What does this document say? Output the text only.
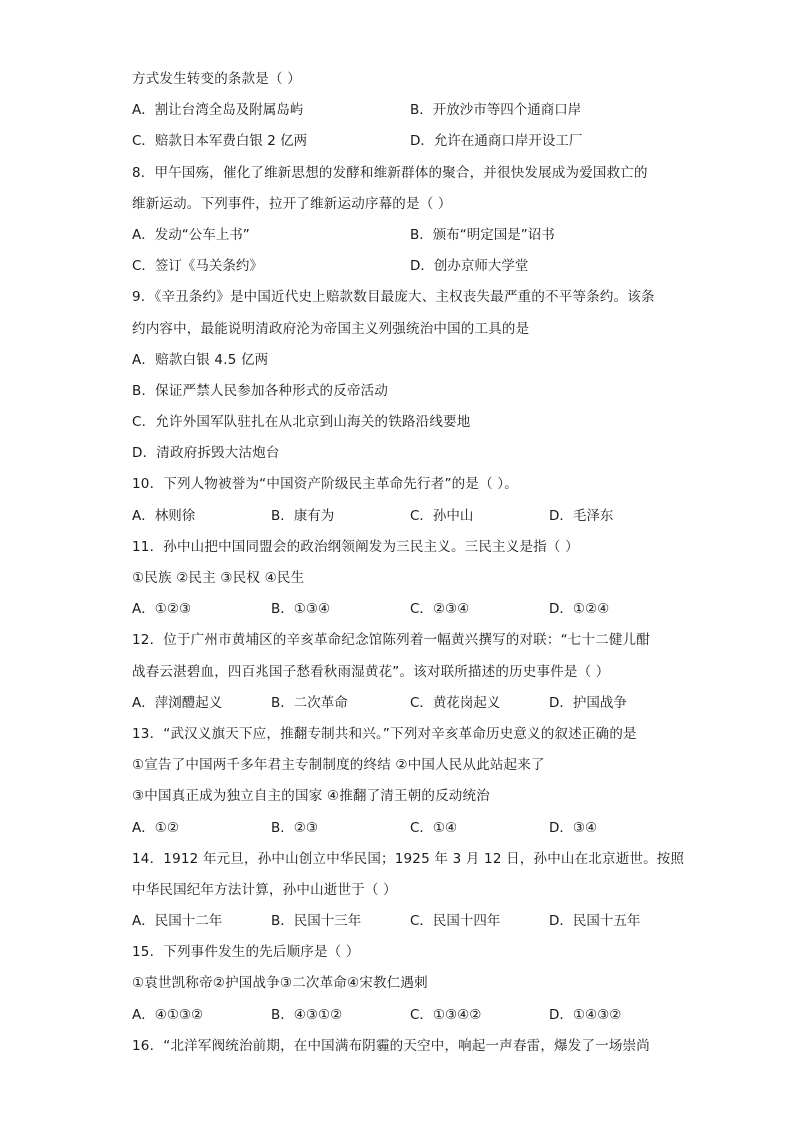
方式发生转变的条款是（ ）
A．割让台湾全岛及附属岛屿	B．开放沙市等四个通商口岸
C．赔款日本军费白银 2 亿两	D．允许在通商口岸开设工厂
8．甲午国殇，催化了维新思想的发酵和维新群体的聚合，并很快发展成为爱国救亡的
维新运动。下列事件，拉开了维新运动序幕的是（ ）
A．发动“公车上书”	B．颁布“明定国是”诏书
C．签订《马关条约》	D．创办京师大学堂
9．《辛丑条约》是中国近代史上赔款数目最庞大、主权丧失最严重的不平等条约。该条
约内容中，最能说明清政府沦为帝国主义列强统治中国的工具的是
A．赔款白银 4.5 亿两
B．保证严禁人民参加各种形式的反帝活动
C．允许外国军队驻扎在从北京到山海关的铁路沿线要地
D．清政府拆毁大沽炮台
10．下列人物被誉为“中国资产阶级民主革命先行者”的是（ ）。
A．林则徐	B．康有为	C．孙中山	D．毛泽东
11．孙中山把中国同盟会的政治纲领阐发为三民主义。三民主义是指（ ）
①民族 ②民主 ③民权 ④民生
A．①②③	B．①③④	C．②③④	D．①②④
12．位于广州市黄埔区的辛亥革命纪念馆陈列着一幅黄兴撰写的对联：“七十二健儿酣
战春云湛碧血，四百兆国子愁看秋雨湿黄花”。该对联所描述的历史事件是（ ）
A．萍浏醴起义	B．二次革命	C．黄花岗起义	D．护国战争
13．“武汉义旗天下应，推翻专制共和兴。”下列对辛亥革命历史意义的叙述正确的是
①宣告了中国两千多年君主专制制度的终结 ②中国人民从此站起来了
③中国真正成为独立自主的国家 ④推翻了清王朝的反动统治
A．①②	B．②③	C．①④	D．③④
14．1912 年元旦，孙中山创立中华民国；1925 年 3 月 12 日，孙中山在北京逝世。按照
中华民国纪年方法计算，孙中山逝世于（ ）
A．民国十二年	B．民国十三年	C．民国十四年	D．民国十五年
15．下列事件发生的先后顺序是（ ）
①袁世凯称帝②护国战争③二次革命④宋教仁遇刺
A．④①③②	B．④③①②	C．①③④②	D．①④③②
16．“北洋军阀统治前期，在中国满布阴霾的天空中，响起一声春雷，爆发了一场崇尚
